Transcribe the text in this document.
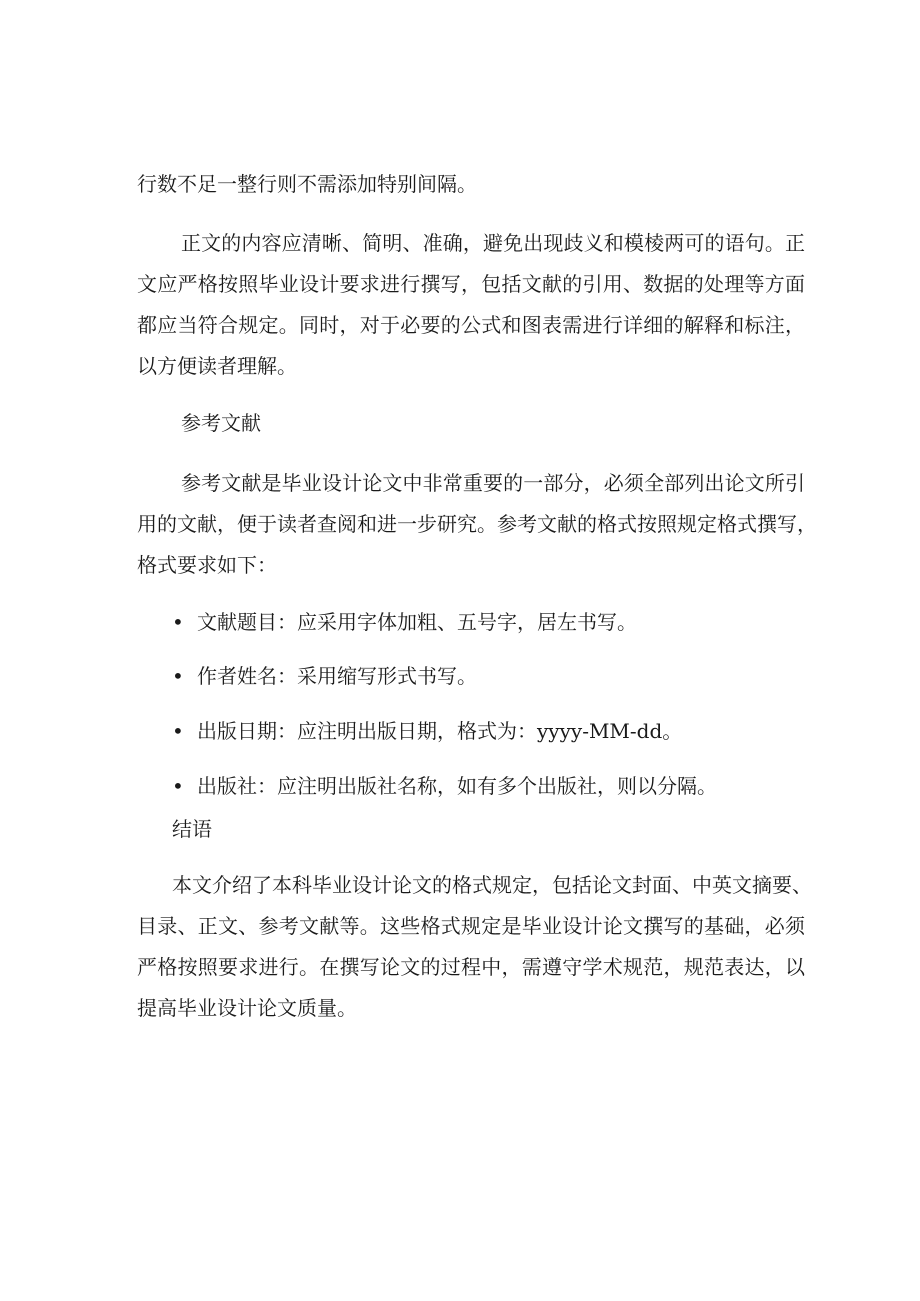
行数不足一整行则不需添加特别间隔。
正文的内容应清晰、简明、准确，避免出现歧义和模棱两可的语句。正
文应严格按照毕业设计要求进行撰写，包括文献的引用、数据的处理等方面
都应当符合规定。同时，对于必要的公式和图表需进行详细的解释和标注，
以方便读者理解。
参考文献
参考文献是毕业设计论文中非常重要的一部分，必须全部列出论文所引
用的文献，便于读者查阅和进一步研究。参考文献的格式按照规定格式撰写，
格式要求如下：
• 文献题目：应采用字体加粗、五号字，居左书写。
• 作者姓名：采用缩写形式书写。
• 出版日期：应注明出版日期，格式为：yyyy-MM-dd。
• 出版社：应注明出版社名称，如有多个出版社，则以分隔。
结语
本文介绍了本科毕业设计论文的格式规定，包括论文封面、中英文摘要、
目录、正文、参考文献等。这些格式规定是毕业设计论文撰写的基础，必须
严格按照要求进行。在撰写论文的过程中，需遵守学术规范，规范表达，以
提高毕业设计论文质量。
